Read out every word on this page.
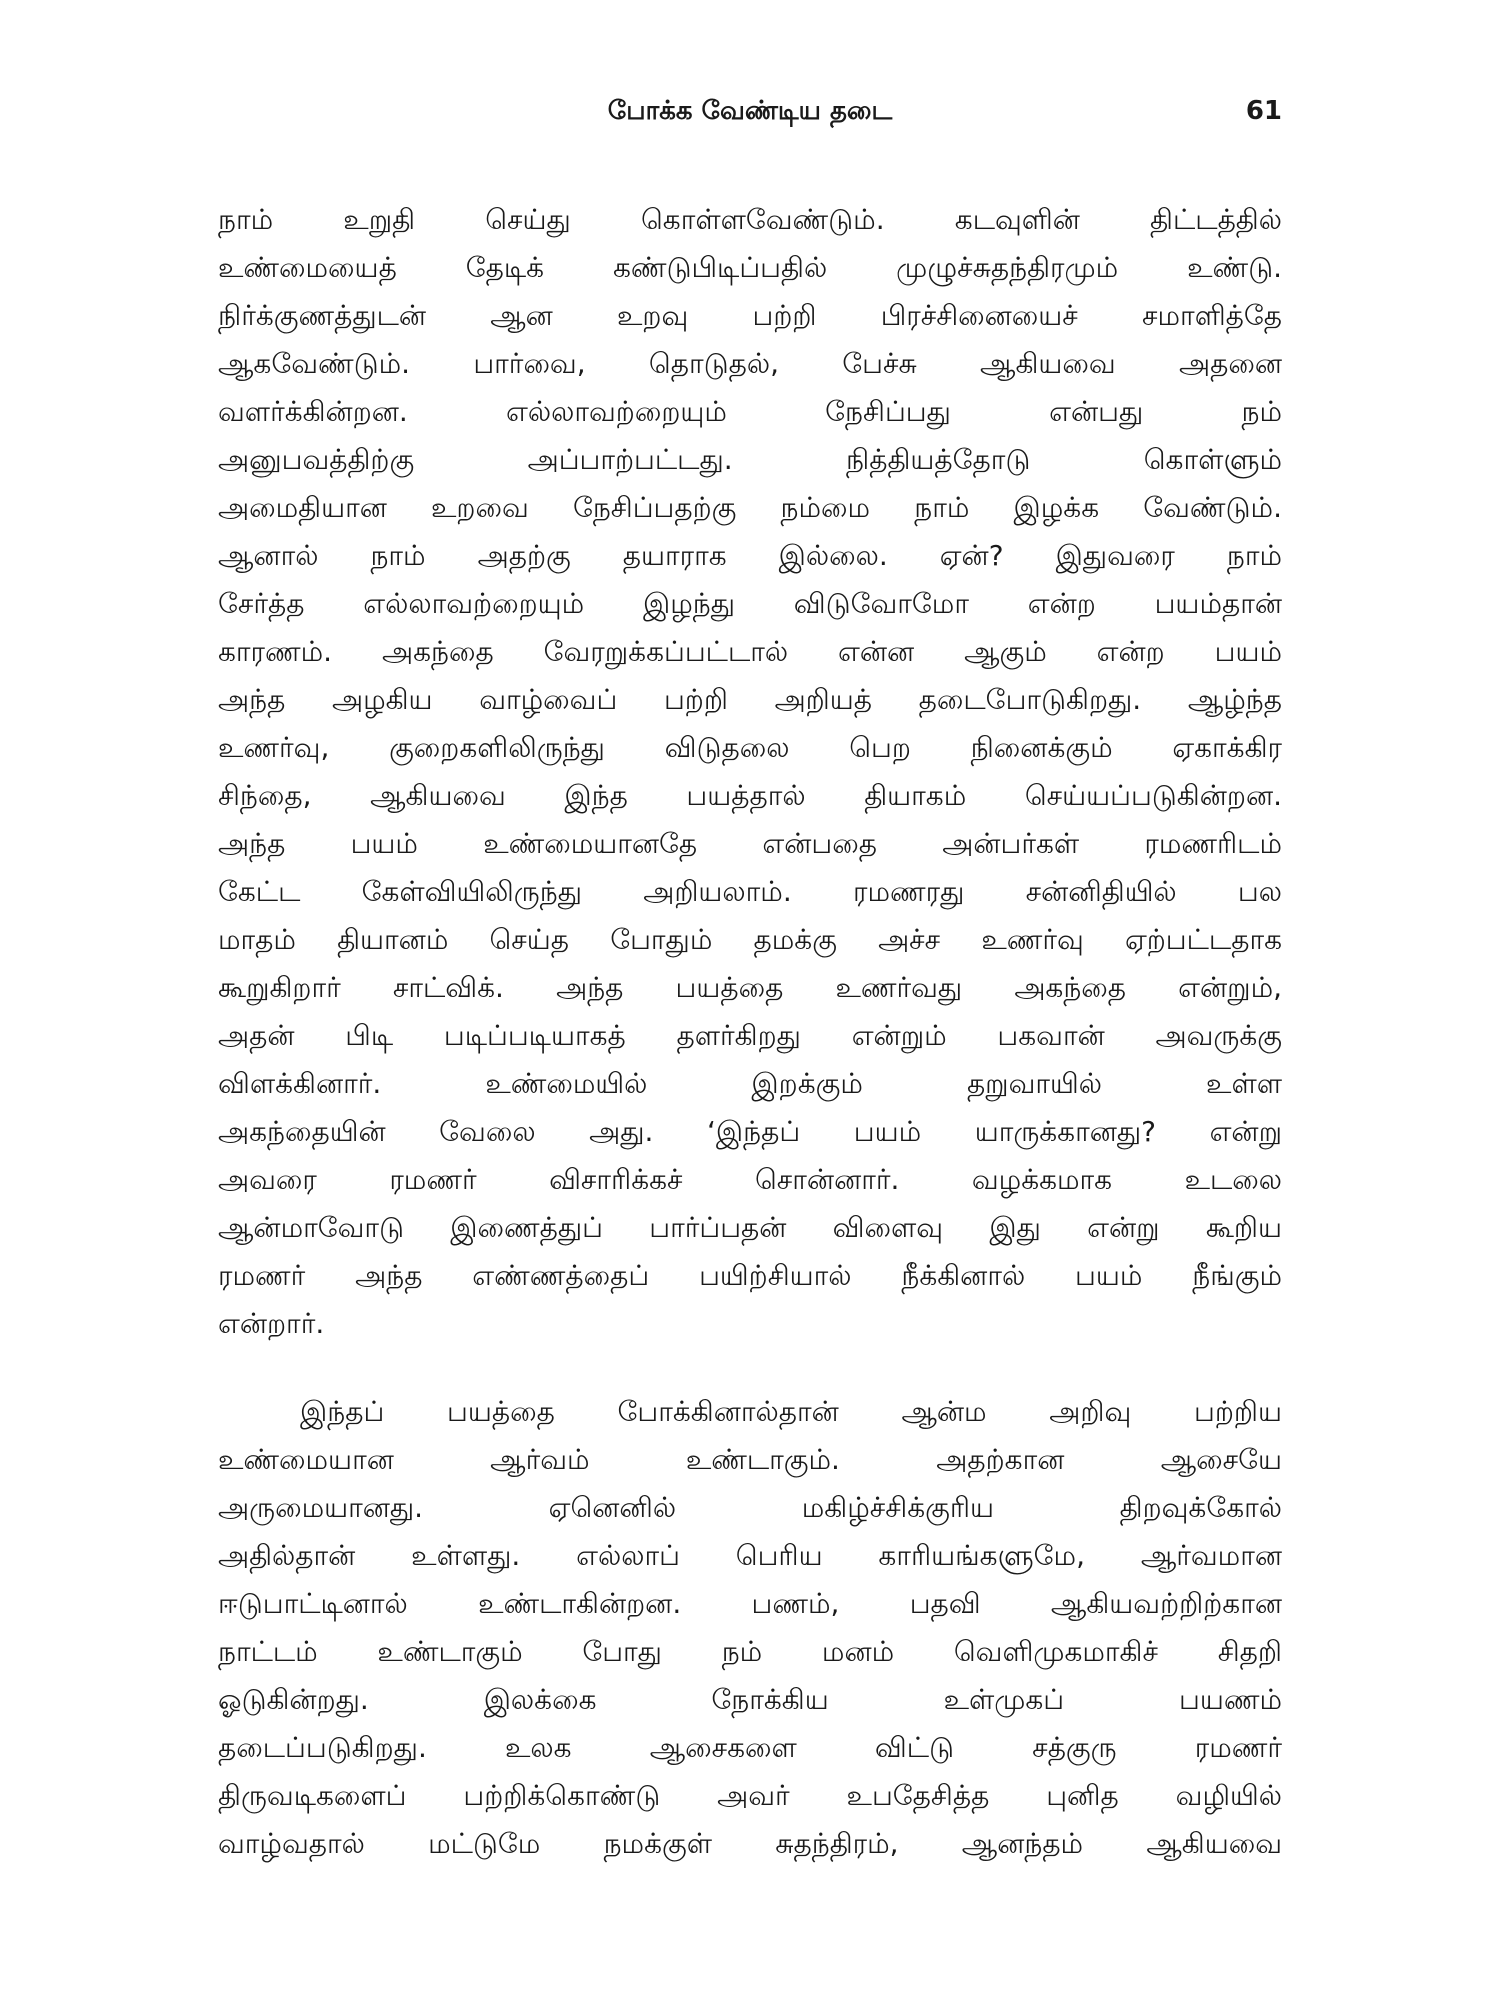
போக்க வேண்டிய தடை	61
நாம் உறுதி செய்து கொள்ளவேண்டும். கடவுளின் திட்டத்தில்
உண்மையைத் தேடிக் கண்டுபிடிப்பதில் முழுச்சுதந்திரமும் உண்டு.
நிர்க்குணத்துடன் ஆன உறவு பற்றி பிரச்சினையைச் சமாளித்தே
ஆகவேண்டும். பார்வை, தொடுதல், பேச்சு ஆகியவை அதனை
வளர்க்கின்றன. எல்லாவற்றையும் நேசிப்பது என்பது நம்
அனுபவத்திற்கு அப்பாற்பட்டது. நித்தியத்தோடு கொள்ளும்
அமைதியான உறவை நேசிப்பதற்கு நம்மை நாம் இழக்க வேண்டும்.
ஆனால் நாம் அதற்கு தயாராக இல்லை. ஏன்? இதுவரை நாம்
சேர்த்த எல்லாவற்றையும் இழந்து விடுவோமோ என்ற பயம்தான்
காரணம். அகந்தை வேரறுக்கப்பட்டால் என்ன ஆகும் என்ற பயம்
அந்த அழகிய வாழ்வைப் பற்றி அறியத் தடைபோடுகிறது. ஆழ்ந்த
உணர்வு, குறைகளிலிருந்து விடுதலை பெற நினைக்கும் ஏகாக்கிர
சிந்தை, ஆகியவை இந்த பயத்தால் தியாகம் செய்யப்படுகின்றன.
அந்த பயம் உண்மையானதே என்பதை அன்பர்கள் ரமணரிடம்
கேட்ட கேள்வியிலிருந்து அறியலாம். ரமணரது சன்னிதியில் பல
மாதம் தியானம் செய்த போதும் தமக்கு அச்ச உணர்வு ஏற்பட்டதாக
கூறுகிறார் சாட்விக். அந்த பயத்தை உணர்வது அகந்தை என்றும்,
அதன் பிடி படிப்படியாகத் தளர்கிறது என்றும் பகவான் அவருக்கு
விளக்கினார். உண்மையில் இறக்கும் தறுவாயில் உள்ள
அகந்தையின் வேலை அது. ‘இந்தப் பயம் யாருக்கானது? என்று
அவரை ரமணர் விசாரிக்கச் சொன்னார். வழக்கமாக உடலை
ஆன்மாவோடு இணைத்துப் பார்ப்பதன் விளைவு இது என்று கூறிய
ரமணர் அந்த எண்ணத்தைப் பயிற்சியால் நீக்கினால் பயம் நீங்கும்
என்றார்.
இந்தப் பயத்தை போக்கினால்தான் ஆன்ம அறிவு பற்றிய
உண்மையான ஆர்வம் உண்டாகும். அதற்கான ஆசையே
அருமையானது. ஏனெனில் மகிழ்ச்சிக்குரிய திறவுக்கோல்
அதில்தான் உள்ளது. எல்லாப் பெரிய காரியங்களுமே, ஆர்வமான
ஈடுபாட்டினால் உண்டாகின்றன. பணம், பதவி ஆகியவற்றிற்கான
நாட்டம் உண்டாகும் போது நம் மனம் வெளிமுகமாகிச் சிதறி
ஓடுகின்றது. இலக்கை நோக்கிய உள்முகப் பயணம்
தடைப்படுகிறது. உலக ஆசைகளை விட்டு சத்குரு ரமணர்
திருவடிகளைப் பற்றிக்கொண்டு அவர் உபதேசித்த புனித வழியில்
வாழ்வதால் மட்டுமே நமக்குள் சுதந்திரம், ஆனந்தம் ஆகியவை
